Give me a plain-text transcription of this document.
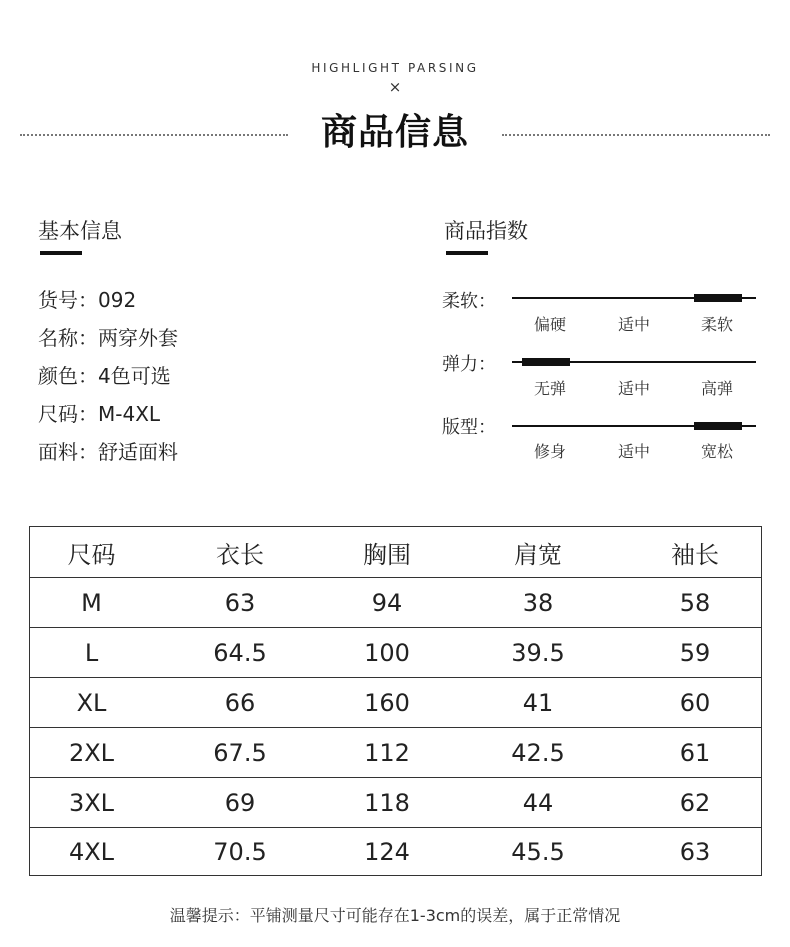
HIGHLIGHT PARSING
×
商品信息
基本信息
货号：092
名称：两穿外套
颜色：4色可选
尺码：M-4XL
面料：舒适面料
商品指数
柔软：
偏硬	适中	柔软
弹力：
无弹	适中	高弹
版型：
修身	适中	宽松
尺码	衣长	胸围	肩宽	袖长
M	63	94	38	58
L	64.5	100	39.5	59
XL	66	160	41	60
2XL	67.5	112	42.5	61
3XL	69	118	44	62
4XL	70.5	124	45.5	63
温馨提示：平铺测量尺寸可能存在1-3cm的误差，属于正常情况
